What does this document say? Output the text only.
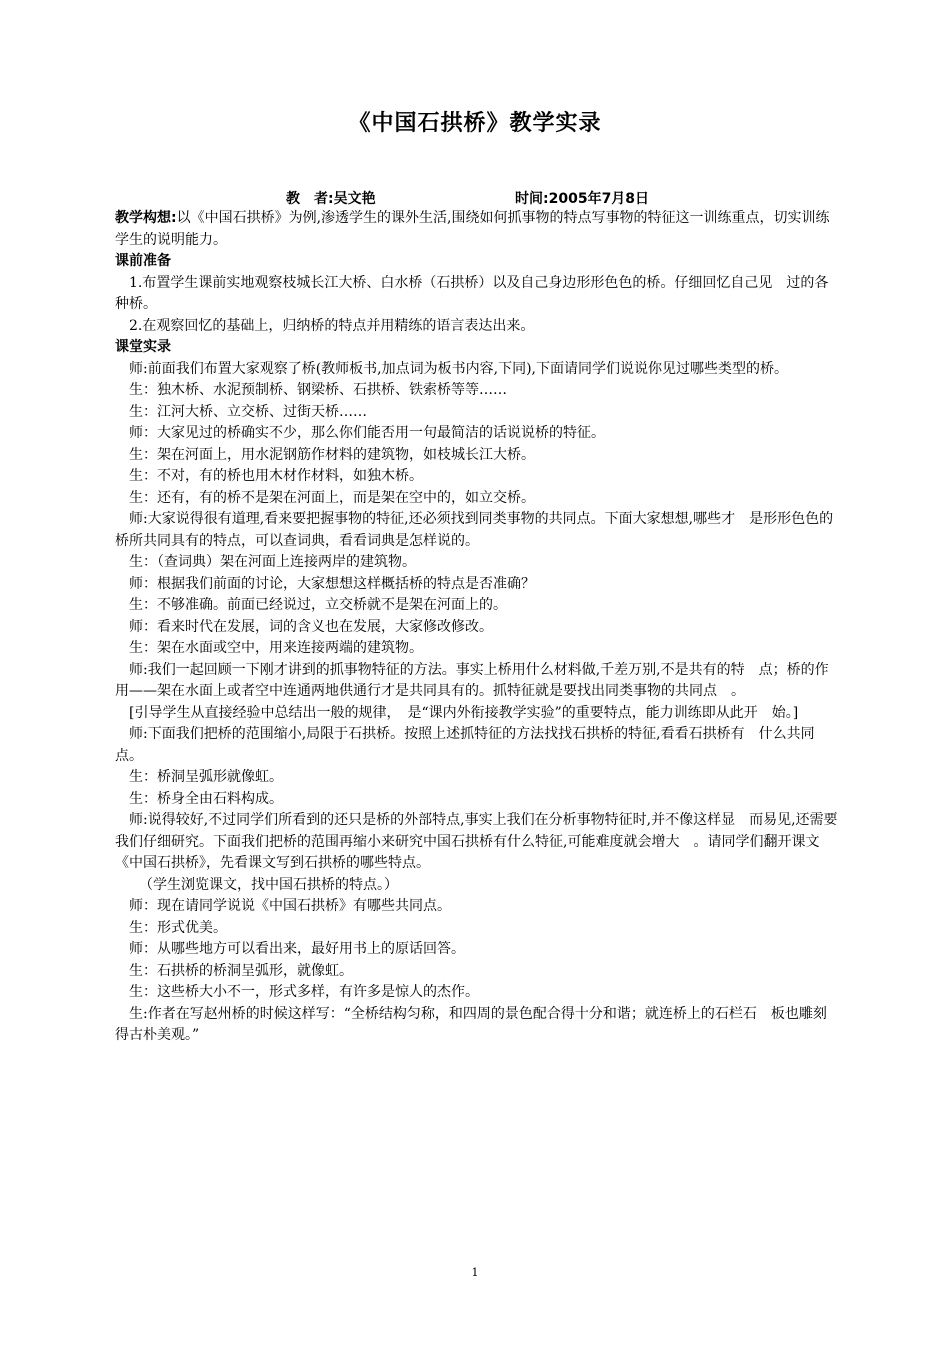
《中国石拱桥》教学实录
教　者:吴文艳	时间:2005年7月8日

教学构想:以《中国石拱桥》为例,渗透学生的课外生活,围绕如何抓事物的特点写事物的特征这一训练重点，切实训练学生的说明能力。

课前准备

1.布置学生课前实地观察枝城长江大桥、白水桥（石拱桥）以及自己身边形形色色的桥。仔细回忆自己见　过的各种桥。

2.在观察回忆的基础上，归纳桥的特点并用精练的语言表达出来。

课堂实录

师:前面我们布置大家观察了桥(教师板书,加点词为板书内容,下同),下面请同学们说说你见过哪些类型的桥。

生：独木桥、水泥预制桥、钢梁桥、石拱桥、铁索桥等等……

生：江河大桥、立交桥、过街天桥……

师：大家见过的桥确实不少，那么你们能否用一句最简洁的话说说桥的特征。

生：架在河面上，用水泥钢筋作材料的建筑物，如枝城长江大桥。

生：不对，有的桥也用木材作材料，如独木桥。

生：还有，有的桥不是架在河面上，而是架在空中的，如立交桥。

师:大家说得很有道理,看来要把握事物的特征,还必须找到同类事物的共同点。下面大家想想,哪些才　是形形色色的桥所共同具有的特点，可以查词典，看看词典是怎样说的。

生：（查词典）架在河面上连接两岸的建筑物。

师：根据我们前面的讨论，大家想想这样概括桥的特点是否准确？

生：不够准确。前面已经说过，立交桥就不是架在河面上的。

师：看来时代在发展，词的含义也在发展，大家修改修改。

生：架在水面或空中，用来连接两端的建筑物。

师:我们一起回顾一下刚才讲到的抓事物特征的方法。事实上桥用什么材料做,千差万别,不是共有的特　点；桥的作用——架在水面上或者空中连通两地供通行才是共同具有的。抓特征就是要找出同类事物的共同点　。

[引导学生从直接经验中总结出一般的规律，　是“课内外衔接教学实验”的重要特点，能力训练即从此开　始。]

师:下面我们把桥的范围缩小,局限于石拱桥。按照上述抓特征的方法找找石拱桥的特征,看看石拱桥有　什么共同点。

生：桥洞呈弧形就像虹。

生：桥身全由石料构成。

师:说得较好,不过同学们所看到的还只是桥的外部特点,事实上我们在分析事物特征时,并不像这样显　而易见,还需要我们仔细研究。下面我们把桥的范围再缩小来研究中国石拱桥有什么特征,可能难度就会增大　。请同学们翻开课文《中国石拱桥》，先看课文写到石拱桥的哪些特点。

（学生浏览课文，找中国石拱桥的特点。）

师：现在请同学说说《中国石拱桥》有哪些共同点。

生：形式优美。

师：从哪些地方可以看出来，最好用书上的原话回答。

生：石拱桥的桥洞呈弧形，就像虹。

生：这些桥大小不一，形式多样，有许多是惊人的杰作。

生:作者在写赵州桥的时候这样写：“全桥结构匀称，和四周的景色配合得十分和谐；就连桥上的石栏石　板也雕刻得古朴美观。”

1
